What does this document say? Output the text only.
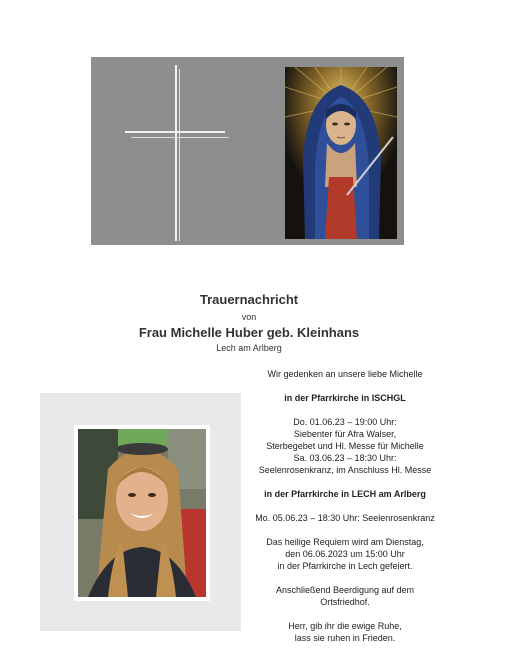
Trauernachricht
von
Frau Michelle Huber geb. Kleinhans
Lech am Arlberg

Wir gedenken an unsere liebe Michelle

in der Pfarrkirche in ISCHGL

Do. 01.06.23 – 19:00 Uhr:

Siebenter für Afra Walser,

Sterbegebet und Hl. Messe für Michelle

Sa. 03.06.23 – 18:30 Uhr:

Seelenrosenkranz, im Anschluss Hl. Messe

in der Pfarrkirche in LECH am Arlberg

Mo. 05.06.23 – 18:30 Uhr: Seelenrosenkranz

Das heilige Requiem wird am Dienstag,

den 06.06.2023 um 15:00 Uhr

in der Pfarrkirche in Lech gefeiert.

Anschließend Beerdigung auf dem

Ortsfriedhof.

Herr, gib ihr die ewige Ruhe,

lass sie ruhen in Frieden.
